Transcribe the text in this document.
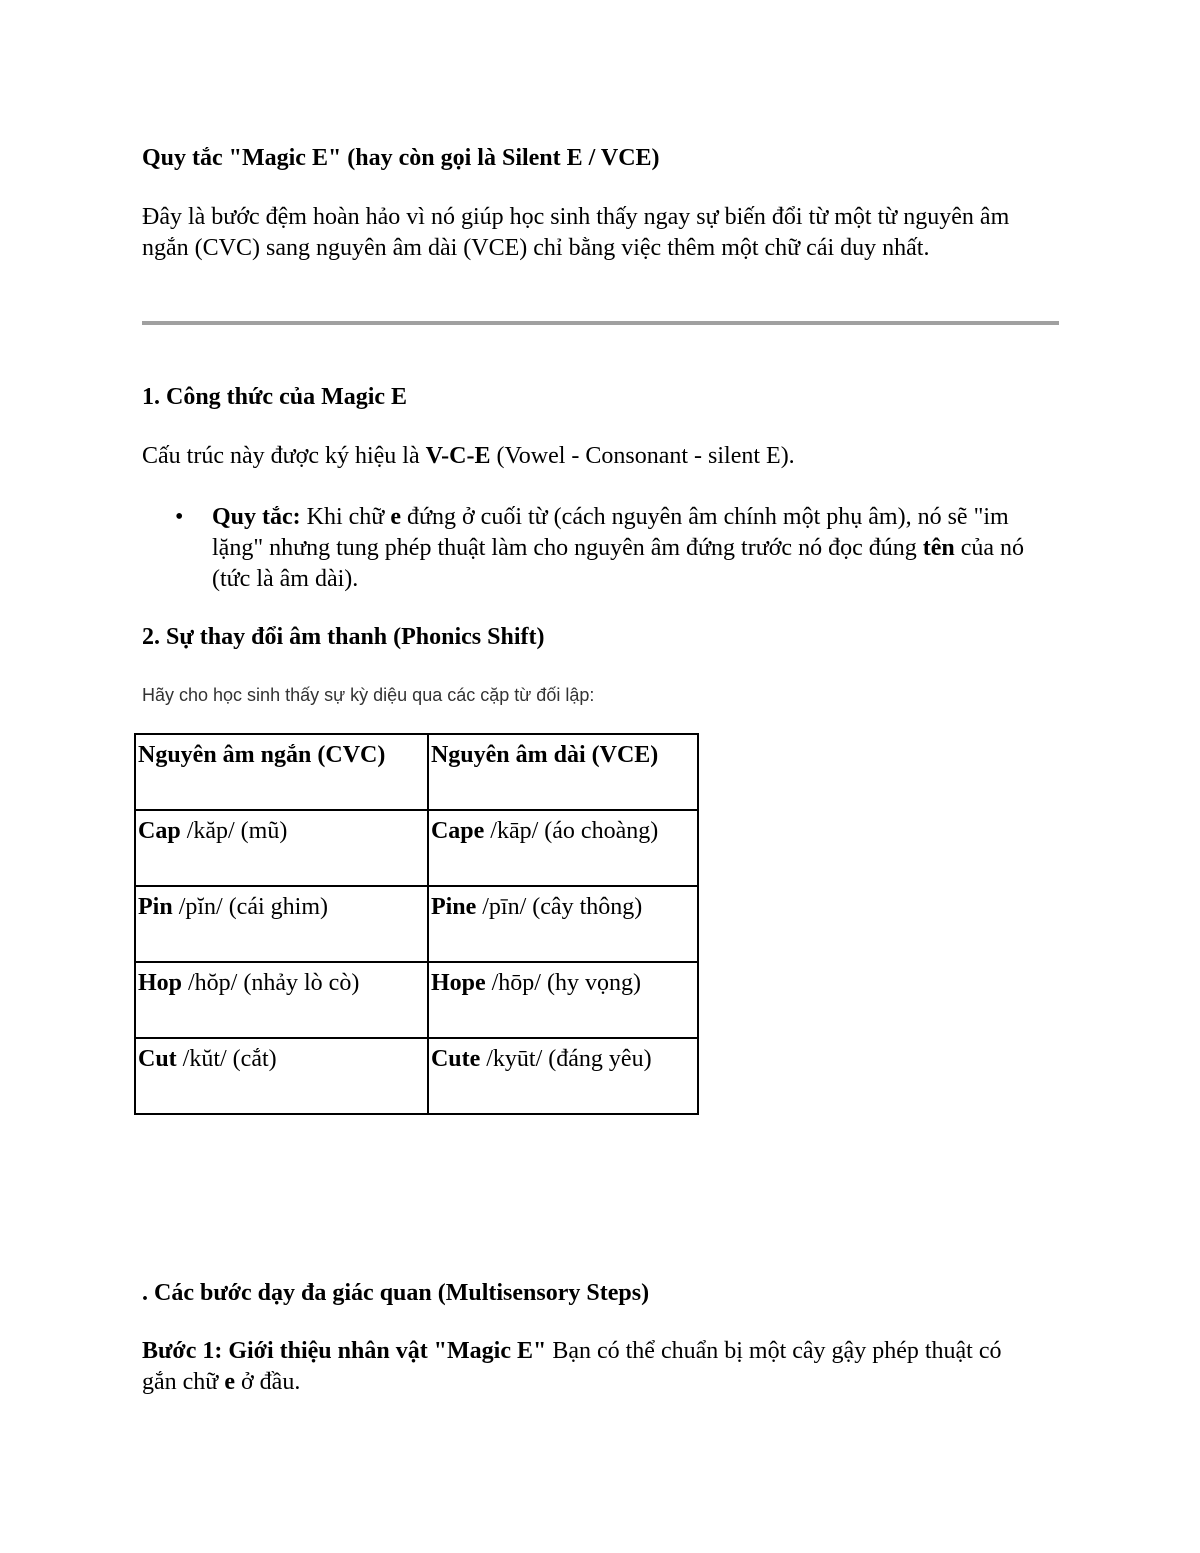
Quy tắc "Magic E" (hay còn gọi là Silent E / VCE)

Đây là bước đệm hoàn hảo vì nó giúp học sinh thấy ngay sự biến đổi từ một từ nguyên âm ngắn (CVC) sang nguyên âm dài (VCE) chỉ bằng việc thêm một chữ cái duy nhất.

1. Công thức của Magic E

Cấu trúc này được ký hiệu là V-C-E (Vowel - Consonant - silent E).

• Quy tắc: Khi chữ e đứng ở cuối từ (cách nguyên âm chính một phụ âm), nó sẽ "im lặng" nhưng tung phép thuật làm cho nguyên âm đứng trước nó đọc đúng tên của nó (tức là âm dài).

2. Sự thay đổi âm thanh (Phonics Shift)

Hãy cho học sinh thấy sự kỳ diệu qua các cặp từ đối lập:

Nguyên âm ngắn (CVC)	Nguyên âm dài (VCE)
Cap /kăp/ (mũ)	Cape /kāp/ (áo choàng)
Pin /pĭn/ (cái ghim)	Pine /pīn/ (cây thông)
Hop /hŏp/ (nhảy lò cò)	Hope /hōp/ (hy vọng)
Cut /kŭt/ (cắt)	Cute /kyūt/ (đáng yêu)

. Các bước dạy đa giác quan (Multisensory Steps)

Bước 1: Giới thiệu nhân vật "Magic E" Bạn có thể chuẩn bị một cây gậy phép thuật có gắn chữ e ở đầu.
